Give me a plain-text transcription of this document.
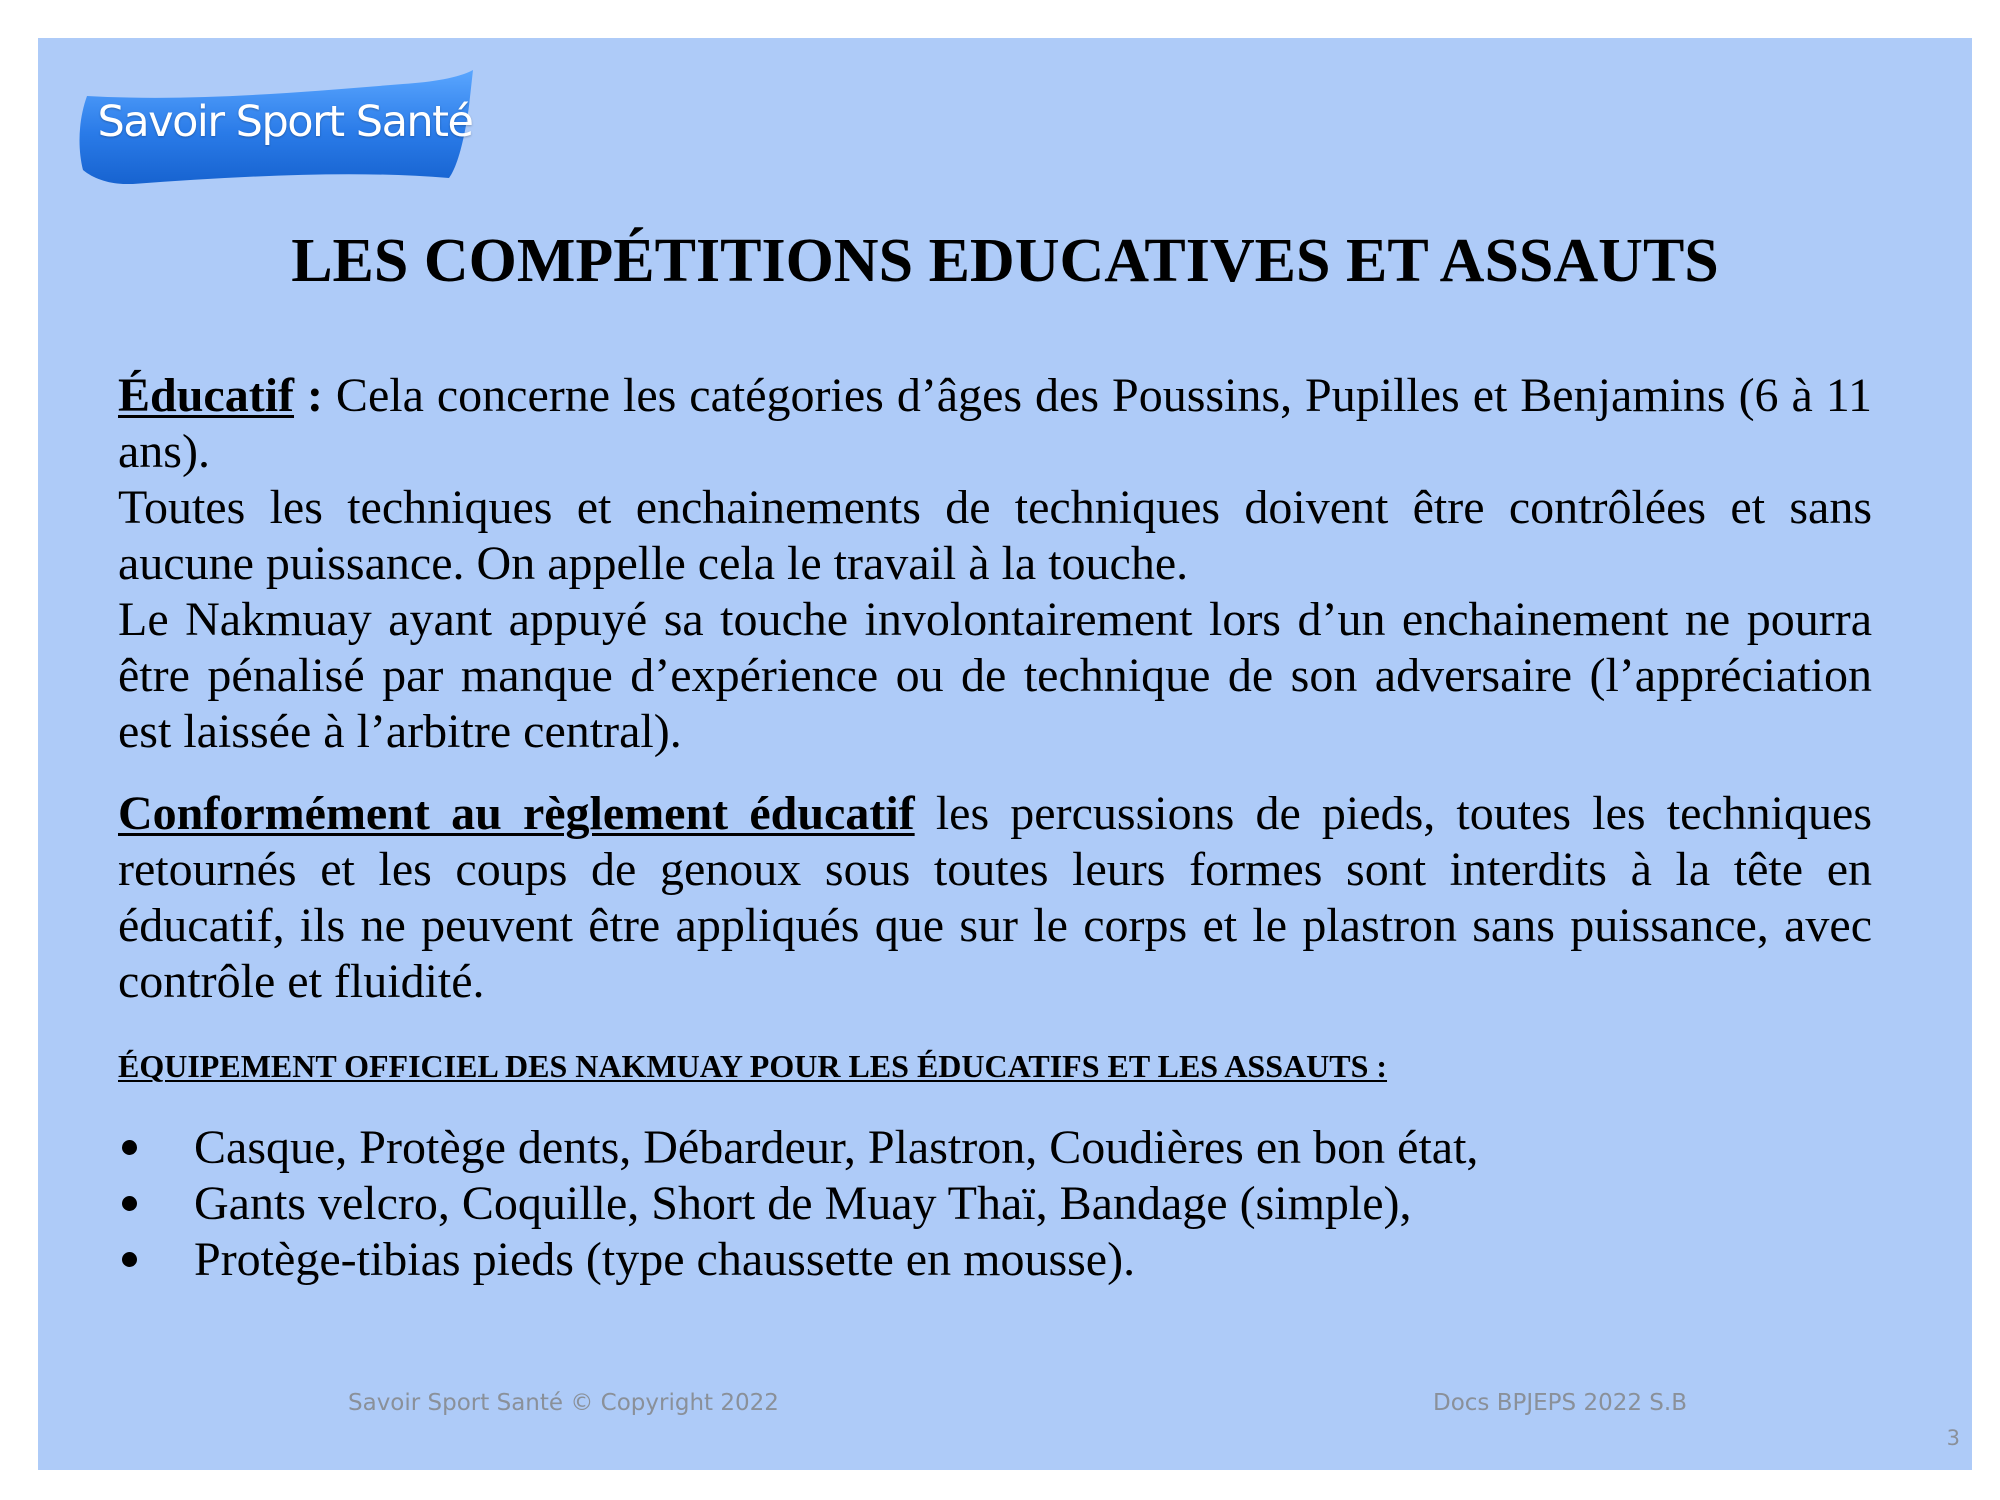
Savoir Sport Santé
LES COMPÉTITIONS EDUCATIVES ET ASSAUTS

Éducatif : Cela concerne les catégories d’âges des Poussins, Pupilles et Benjamins (6 à 11 ans).

Toutes les techniques et enchainements de techniques doivent être contrôlées et sans aucune puissance. On appelle cela le travail à la touche.

Le Nakmuay ayant appuyé sa touche involontairement lors d’un enchainement ne pourra être pénalisé par manque d’expérience ou de technique de son adversaire (l’appréciation est laissée à l’arbitre central).

Conformément au règlement éducatif les percussions de pieds, toutes les techniques retournés et les coups de genoux sous toutes leurs formes sont interdits à la tête en éducatif, ils ne peuvent être appliqués que sur le corps et le plastron sans puissance, avec contrôle et fluidité.

ÉQUIPEMENT OFFICIEL DES NAKMUAY POUR LES ÉDUCATIFS ET LES ASSAUTS :
Casque, Protège dents, Débardeur, Plastron, Coudières en bon état,
Gants velcro, Coquille, Short de Muay Thaï, Bandage (simple),
Protège-tibias pieds (type chaussette en mousse).
Savoir Sport Santé © Copyright 2022	Docs BPJEPS 2022 S.B
3
